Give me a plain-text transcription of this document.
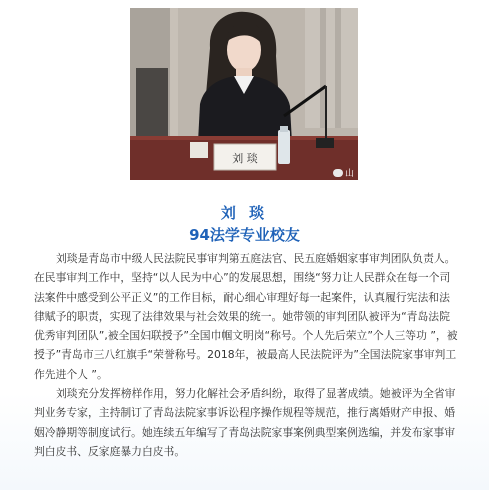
刘 琰
山
刘 琰
94法学专业校友

刘琰是青岛市中级人民法院民事审判第五庭法官、民五庭婚姻家事审判团队负责人。在民事审判工作中，坚持“以人民为中心”的发展思想，围绕“努力让人民群众在每一个司法案件中感受到公平正义”的工作目标，耐心细心审理好每一起案件，认真履行宪法和法律赋予的职责，实现了法律效果与社会效果的统一。她带领的审判团队被评为“青岛法院优秀审判团队”,被全国妇联授予”全国巾帼文明岗“称号。个人先后荣立”个人三等功 ”，被授予”青岛市三八红旗手“荣誉称号。2018年，被最高人民法院评为”全国法院家事审判工作先进个人 ”。

刘琰充分发挥榜样作用，努力化解社会矛盾纠纷，取得了显著成绩。她被评为全省审判业务专家，主持制订了青岛法院家事诉讼程序操作规程等规范，推行离婚财产申报、婚姻冷静期等制度试行。她连续五年编写了青岛法院家事案例典型案例选编，并发布家事审判白皮书、反家庭暴力白皮书。
